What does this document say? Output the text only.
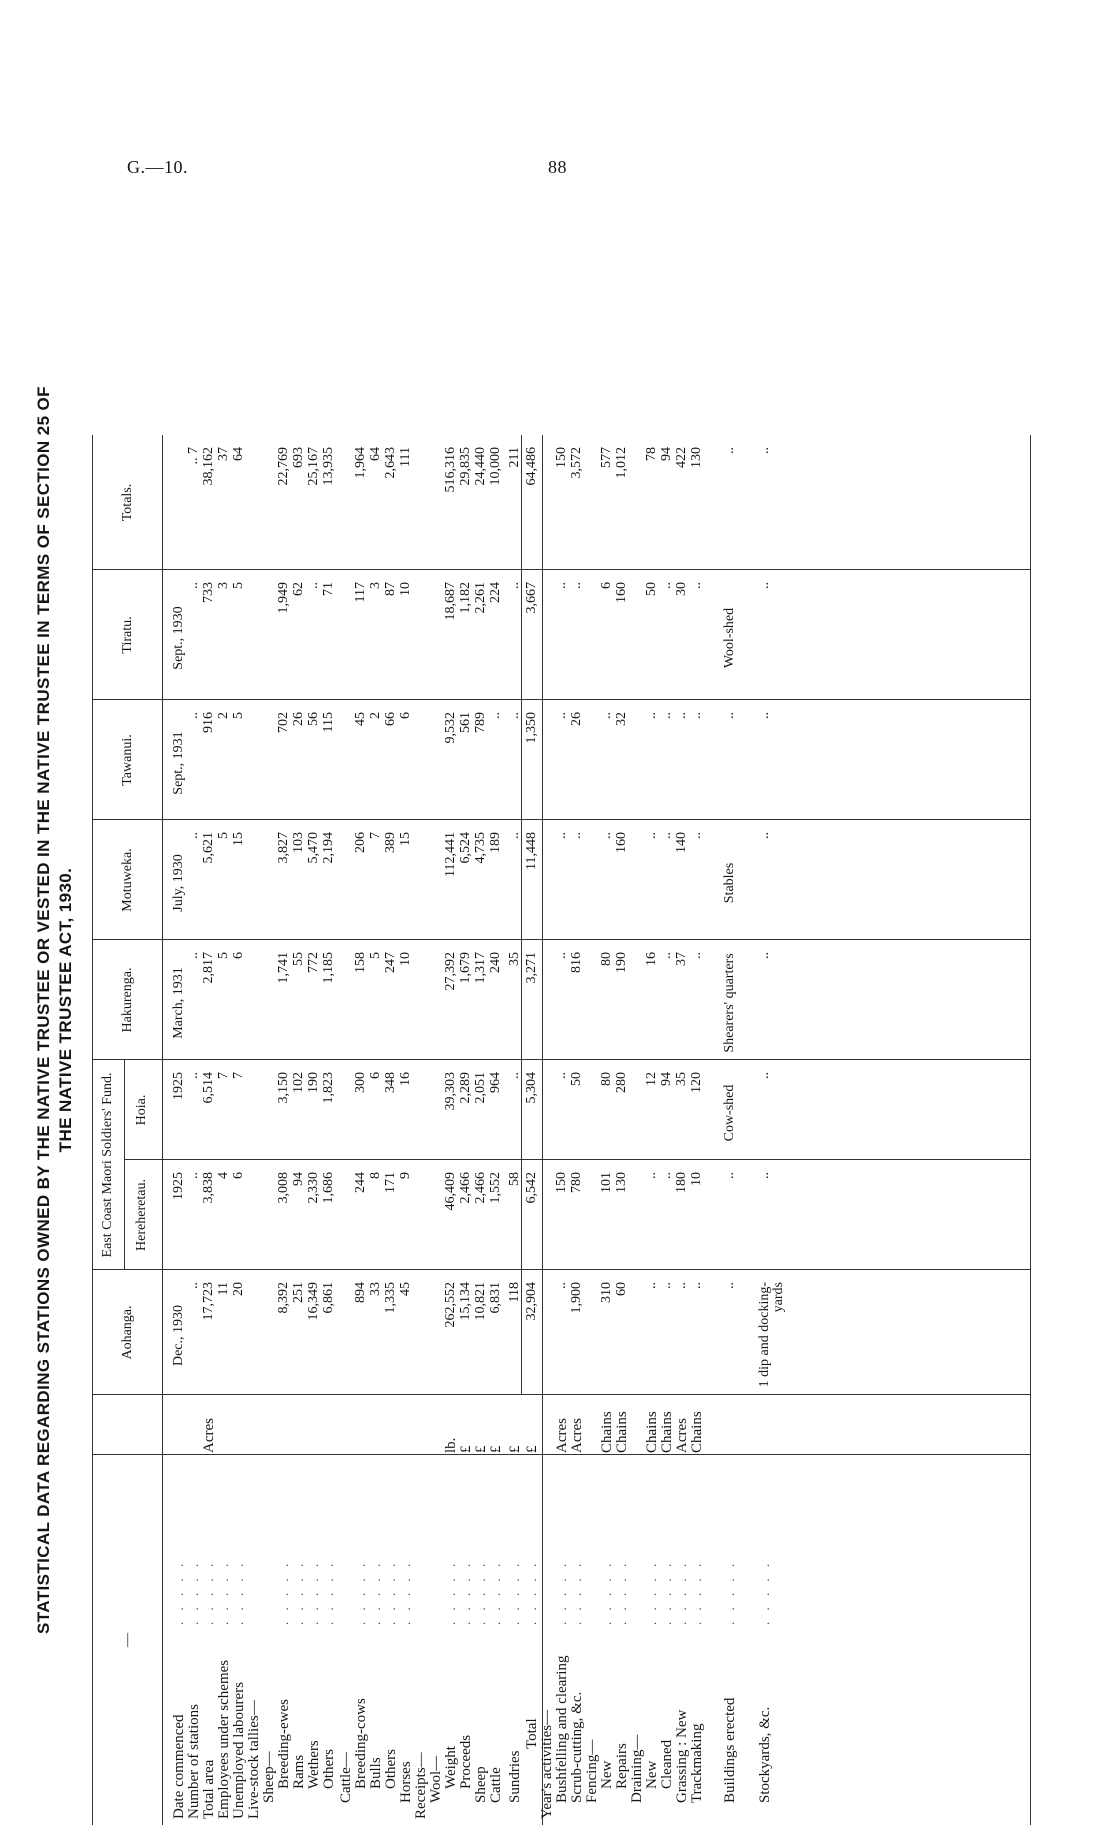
G.—10.	88
STATISTICAL DATA REGARDING STATIONS OWNED BY THE NATIVE TRUSTEE OR VESTED IN THE NATIVE TRUSTEE IN TERMS OF SECTION 25 OF THE NATIVE TRUSTEE ACT, 1930.
—
East Coast Maori Soldiers' Fund.
Aohanga.
Hereheretau.
Hoia.
Hakurenga.
Motuweka.
Tawanui.
Tiratu.
Totals.
Date commenced
. . . . .
Dec., 1930
1925
1925
March, 1931
July, 1930
Sept., 1931
Sept., 1930
Number of stations
. . . . .
..
..
..
..
..
..
..
.. 7
Total area
. . . . .
Acres
17,723
3,838
6,514
2,817
5,621
916
733
38,162
Employees under schemes
. . . . .
11
4
7
5
5
2
3
37
Unemployed labourers
. . . . .
20
6
7
6
15
5
5
64
Live-stock tallies— Sheep— Breeding-ewes
. . . . .
8,392
3,008
3,150
1,741
3,827
702
1,949
22,769
Rams
. . . . .
251
94
102
55
103
26
62
693
Wethers
. . . . .
16,349
2,330
190
772
5,470
56
..
25,167
Others
. . . . .
6,861
1,686
1,823
1,185
2,194
115
71
13,935
Cattle— Breeding-cows
. . . . .
894
244
300
158
206
45
117
1,964
Bulls
. . . . .
33
8
6
5
7
2
3
64
Others
. . . . .
1,335
171
348
247
389
66
87
2,643
Horses
. . . . .
45
9
16
10
15
6
10
111
Receipts— Wool— Weight
. . . . .
lb.
262,552
46,409
39,303
27,392
112,441
9,532
18,687
516,316
Proceeds
. . . . .
£
15,134
2,466
2,289
1,679
6,524
561
1,182
29,835
Sheep
. . . . .
£
10,821
2,466
2,051
1,317
4,735
789
2,261
24,440
Cattle
. . . . .
£
6,831
1,552
964
240
189
..
224
10,000
Sundries
. . . . .
£
118
58
..
35
..
..
..
211
Total
. . . . .
£
32,904
6,542
5,304
3,271
11,448
1,350
3,667
64,486
Year's activities— Bushfelling and clearing
. . . . .
Acres
..
150
..
..
..
..
..
150
Scrub-cutting, &c.
. . . . .
Acres
1,900
780
50
816
..
26
..
3,572
Fencing— New
. . . . .
Chains
310
101
80
80
..
..
6
577
Repairs
. . . . .
Chains
60
130
280
190
160
32
160
1,012
Draining— New
. . . . .
Chains
..
..
12
16
..
..
50
78
Cleaned
. . . . .
Chains
..
..
94
..
..
..
..
94
Grassing : New
. . . . .
Acres
..
180
35
37
140
..
30
422
Trackmaking
. . . . .
Chains
..
10
120
..
..
..
..
130
Buildings erected
. . . . .
..
..
Cow-shed
Shearers' quarters
Stables
..
Wool-shed
..
Stockyards, &c.
. . . . .
1 dip and docking-yards
..
..
..
..
..
..
..
